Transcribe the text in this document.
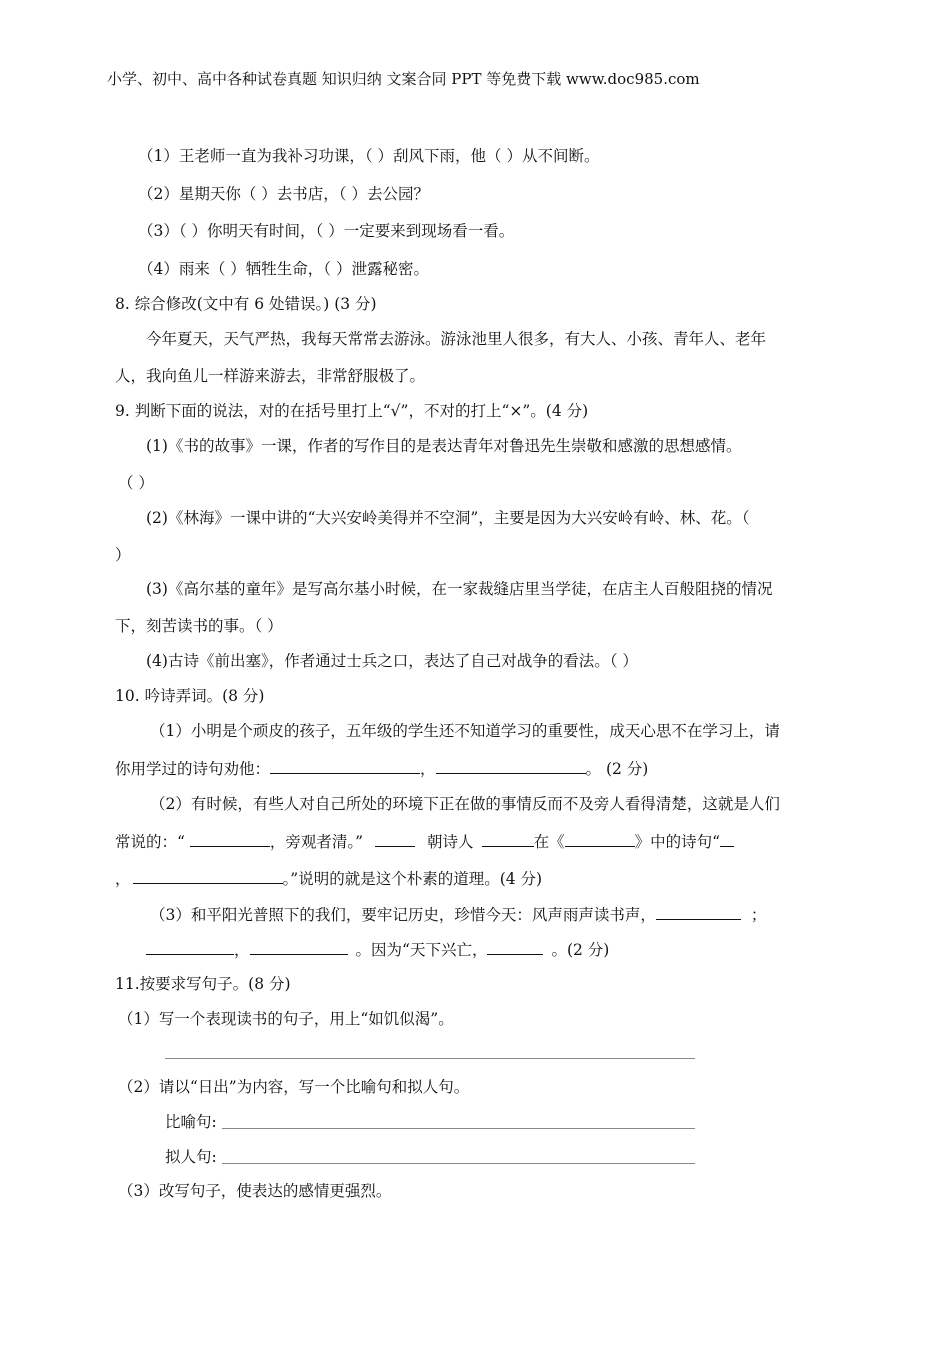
小学、初中、高中各种试卷真题 知识归纳 文案合同 PPT 等免费下载 www.doc985.com
（1）王老师一直为我补习功课，（ ）刮风下雨，他（ ）从不间断。
（2）星期天你（ ）去书店，（ ）去公园？
（3）（ ）你明天有时间，（ ）一定要来到现场看一看。
（4）雨来（ ）牺牲生命，（ ）泄露秘密。
8. 综合修改(文中有 6 处错误。) (3 分)
今年夏天，天气严热，我每天常常去游泳。游泳池里人很多，有大人、小孩、青年人、老年
人，我向鱼儿一样游来游去，非常舒服极了。
9. 判断下面的说法，对的在括号里打上“√”，不对的打上“×”。(4 分)
(1)《书的故事》一课，作者的写作目的是表达青年对鲁迅先生崇敬和感激的思想感情。
（ ）
(2)《林海》一课中讲的“大兴安岭美得并不空洞”，主要是因为大兴安岭有岭、林、花。（
）
(3)《高尔基的童年》是写高尔基小时候，在一家裁缝店里当学徒，在店主人百般阻挠的情况
下，刻苦读书的事。（ ）
(4)古诗《前出塞》，作者通过士兵之口，表达了自己对战争的看法。（ ）
10. 吟诗弄词。(8 分)
（1）小明是个顽皮的孩子，五年级的学生还不知道学习的重要性，成天心思不在学习上，请
你用学过的诗句劝他：	，	。 (2 分)
（2）有时候，有些人对自己所处的环境下正在做的事情反而不及旁人看得清楚，这就是人们
常说的：“	，旁观者清。”	朝诗人	在《	》中的诗句“
，	。”说明的就是这个朴素的道理。(4 分)
（3）和平阳光普照下的我们，要牢记历史，珍惜今天：风声雨声读书声，	；
，	。因为“天下兴亡，	。(2 分)
11.按要求写句子。(8 分)
（1）写一个表现读书的句子，用上“如饥似渴”。
（2）请以“日出”为内容，写一个比喻句和拟人句。
比喻句:
拟人句:
（3）改写句子，使表达的感情更强烈。
